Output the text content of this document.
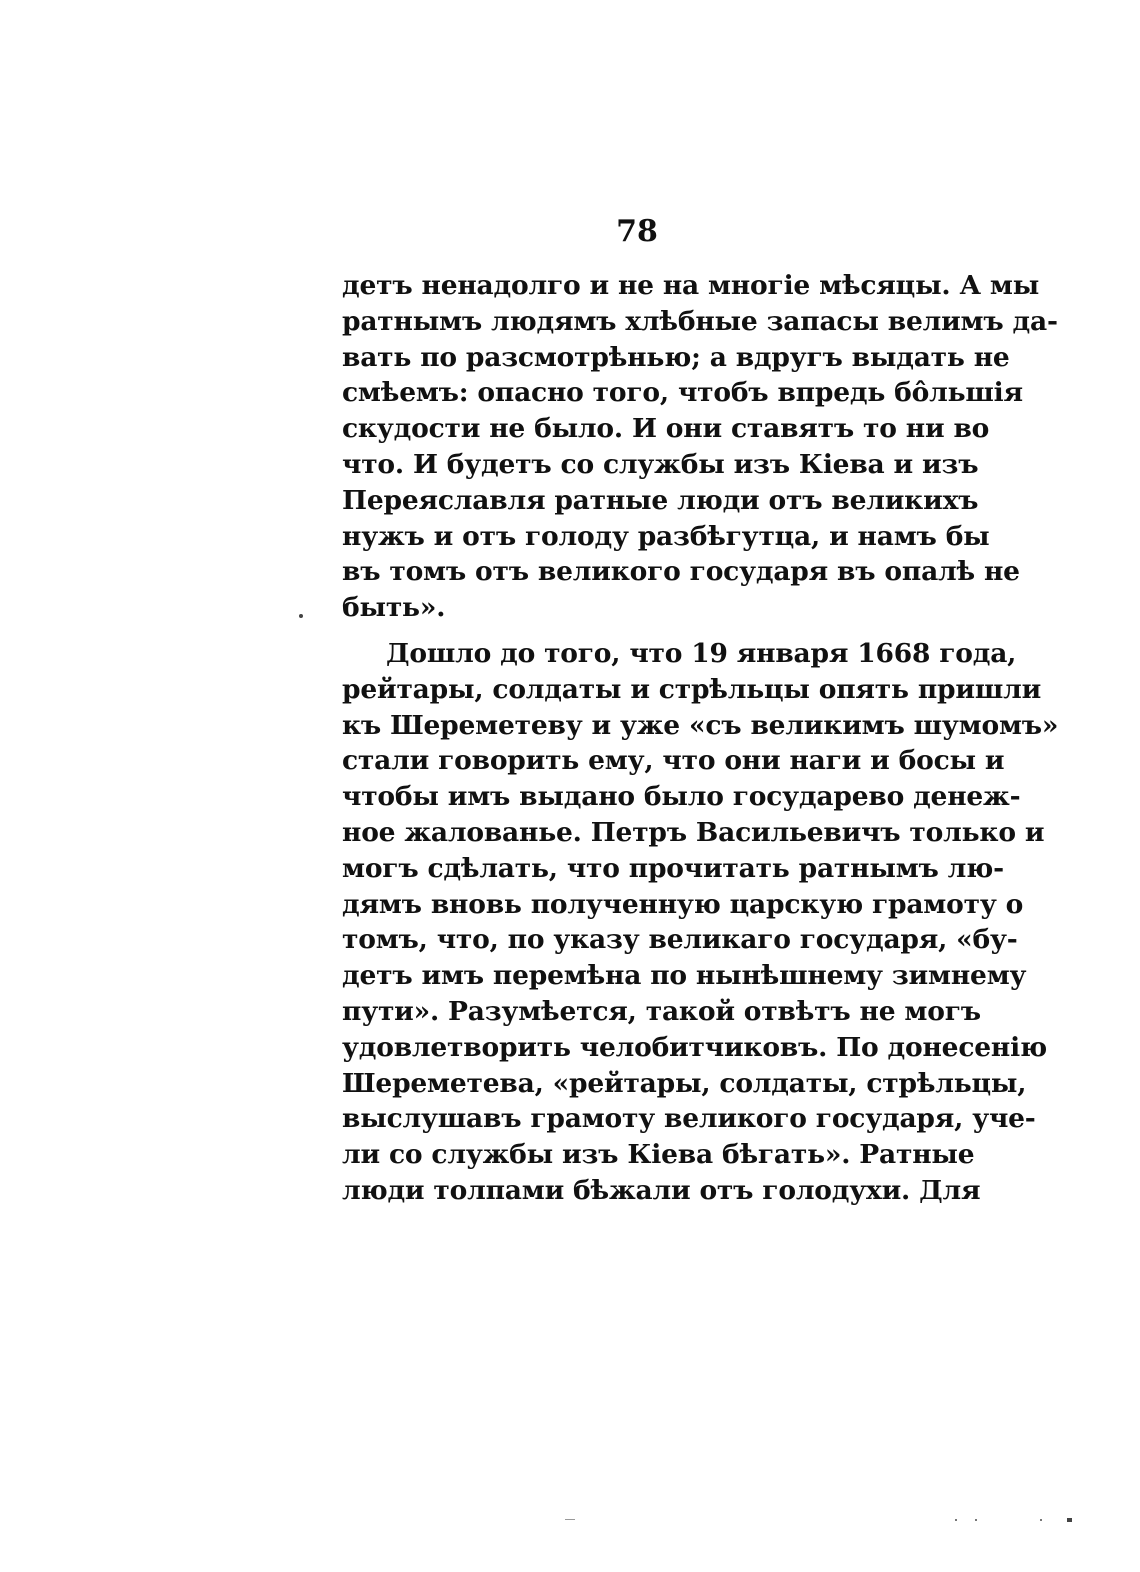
78
детъ ненадолго и не на многіе мѣсяцы. А мы
ратнымъ людямъ хлѣбные запасы велимъ да-
вать по разсмотрѣнью; а вдругъ выдать не
смѣемъ: опасно того, чтобъ впредь бо̂льшія
скудости не было. И они ставятъ то ни во
что. И будетъ со службы изъ Кіева и изъ
Переяславля ратные люди отъ великихъ
нужъ и отъ голоду разбѣгутца, и намъ бы
въ томъ отъ великого государя въ опалѣ не
быть».
Дошло до того, что 19 января 1668 года,
рейтары, солдаты и стрѣльцы опять пришли
къ Шереметеву и уже «съ великимъ шумомъ»
стали говорить ему, что они наги и босы и
чтобы имъ выдано было государево денеж-
ное жалованье. Петръ Васильевичъ только и
могъ сдѣлать, что прочитать ратнымъ лю-
дямъ вновь полученную царскую грамоту о
томъ, что, по указу великаго государя, «бу-
детъ имъ перемѣна по нынѣшнему зимнему
пути». Разумѣется, такой отвѣтъ не могъ
удовлетворить челобитчиковъ. По донесенію
Шереметева, «рейтары, солдаты, стрѣльцы,
выслушавъ грамоту великого государя, уче-
ли со службы изъ Кіева бѣгать». Ратные
люди толпами бѣжали отъ голодухи. Для
